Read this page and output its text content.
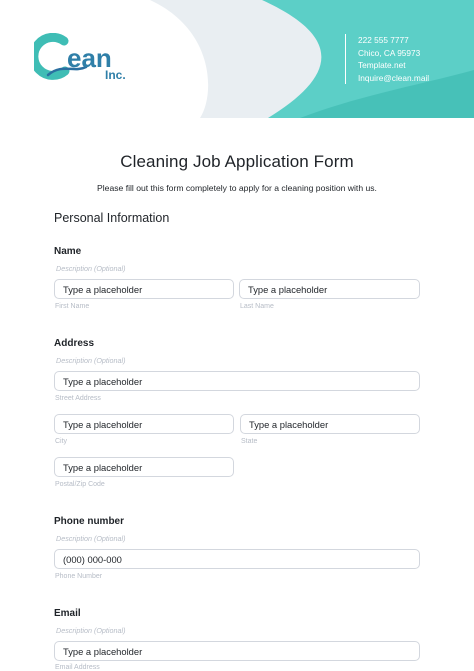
ean
Inc.
222 555 7777
Chico, CA 95973
Template.net
Inquire@clean.mail
Cleaning Job Application Form
Please fill out this form completely to apply for a cleaning position with us.
Personal Information
Name
Description (Optional)
Type a placeholder
First Name
Type a placeholder
Last Name
Address
Description (Optional)
Type a placeholder
Street Address
Type a placeholder
City
Type a placeholder
State
Type a placeholder
Postal/Zip Code
Phone number
Description (Optional)
(000) 000-000
Phone Number
Email
Description (Optional)
Type a placeholder
Email Address
